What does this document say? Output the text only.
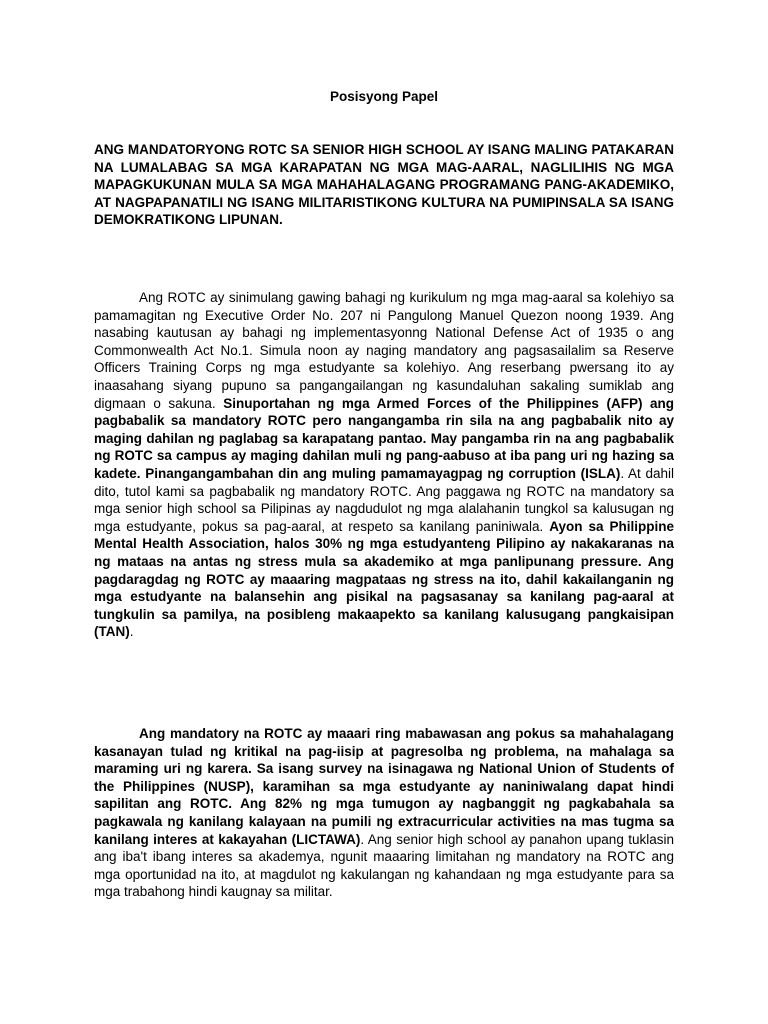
Posisyong Papel
ANG MANDATORYONG ROTC SA SENIOR HIGH SCHOOL AY ISANG MALING PATAKARAN NA LUMALABAG SA MGA KARAPATAN NG MGA MAG-AARAL, NAGLILIHIS NG MGA MAPAGKUKUNAN MULA SA MGA MAHAHALAGANG PROGRAMANG PANG-AKADEMIKO, AT NAGPAPANATILI NG ISANG MILITARISTIKONG KULTURA NA PUMIPINSALA SA ISANG DEMOKRATIKONG LIPUNAN.

Ang ROTC ay sinimulang gawing bahagi ng kurikulum ng mga mag-aaral sa kolehiyo sa pamamagitan ng Executive Order No. 207 ni Pangulong Manuel Quezon noong 1939. Ang nasabing kautusan ay bahagi ng implementasyonng National Defense Act of 1935 o ang Commonwealth Act No.1. Simula noon ay naging mandatory ang pagsasailalim sa Reserve Officers Training Corps ng mga estudyante sa kolehiyo. Ang reserbang pwersang ito ay inaasahang siyang pupuno sa pangangailangan ng kasundaluhan sakaling sumiklab ang digmaan o sakuna. Sinuportahan ng mga Armed Forces of the Philippines (AFP) ang pagbabalik sa mandatory ROTC pero nangangamba rin sila na ang pagbabalik nito ay maging dahilan ng paglabag sa karapatang pantao. May pangamba rin na ang pagbabalik ng ROTC sa campus ay maging dahilan muli ng pang-aabuso at iba pang uri ng hazing sa kadete. Pinangangambahan din ang muling pamamayagpag ng corruption (ISLA). At dahil dito, tutol kami sa pagbabalik ng mandatory ROTC. Ang paggawa ng ROTC na mandatory sa mga senior high school sa Pilipinas ay nagdudulot ng mga alalahanin tungkol sa kalusugan ng mga estudyante, pokus sa pag-aaral, at respeto sa kanilang paniniwala. Ayon sa Philippine Mental Health Association, halos 30% ng mga estudyanteng Pilipino ay nakakaranas na ng mataas na antas ng stress mula sa akademiko at mga panlipunang pressure. Ang pagdaragdag ng ROTC ay maaaring magpataas ng stress na ito, dahil kakailanganin ng mga estudyante na balansehin ang pisikal na pagsasanay sa kanilang pag-aaral at tungkulin sa pamilya, na posibleng makaapekto sa kanilang kalusugang pangkaisipan (TAN).

Ang mandatory na ROTC ay maaari ring mabawasan ang pokus sa mahahalagang kasanayan tulad ng kritikal na pag-iisip at pagresolba ng problema, na mahalaga sa maraming uri ng karera. Sa isang survey na isinagawa ng National Union of Students of the Philippines (NUSP), karamihan sa mga estudyante ay naniniwalang dapat hindi sapilitan ang ROTC. Ang 82% ng mga tumugon ay nagbanggit ng pagkabahala sa pagkawala ng kanilang kalayaan na pumili ng extracurricular activities na mas tugma sa kanilang interes at kakayahan (LICTAWA). Ang senior high school ay panahon upang tuklasin ang iba't ibang interes sa akademya, ngunit maaaring limitahan ng mandatory na ROTC ang mga oportunidad na ito, at magdulot ng kakulangan ng kahandaan ng mga estudyante para sa mga trabahong hindi kaugnay sa militar.
